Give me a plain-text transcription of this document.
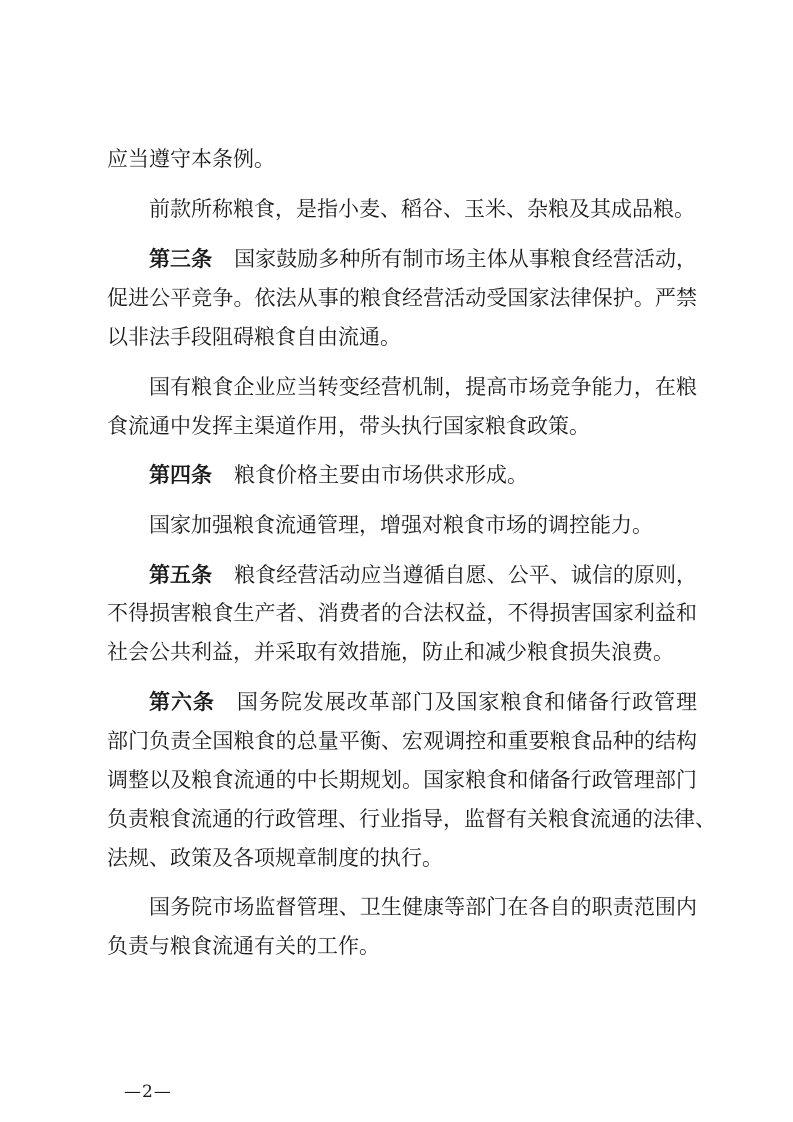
应当遵守本条例。
前款所称粮食，是指小麦、稻谷、玉米、杂粮及其成品粮。
第三条 国家鼓励多种所有制市场主体从事粮食经营活动，
促进公平竞争。依法从事的粮食经营活动受国家法律保护。严禁
以非法手段阻碍粮食自由流通。
国有粮食企业应当转变经营机制，提高市场竞争能力，在粮
食流通中发挥主渠道作用，带头执行国家粮食政策。
第四条 粮食价格主要由市场供求形成。
国家加强粮食流通管理，增强对粮食市场的调控能力。
第五条 粮食经营活动应当遵循自愿、公平、诚信的原则，
不得损害粮食生产者、消费者的合法权益，不得损害国家利益和
社会公共利益，并采取有效措施，防止和减少粮食损失浪费。
第六条 国务院发展改革部门及国家粮食和储备行政管理
部门负责全国粮食的总量平衡、宏观调控和重要粮食品种的结构
调整以及粮食流通的中长期规划。国家粮食和储备行政管理部门
负责粮食流通的行政管理、行业指导，监督有关粮食流通的法律、
法规、政策及各项规章制度的执行。
国务院市场监督管理、卫生健康等部门在各自的职责范围内
负责与粮食流通有关的工作。
—2—
